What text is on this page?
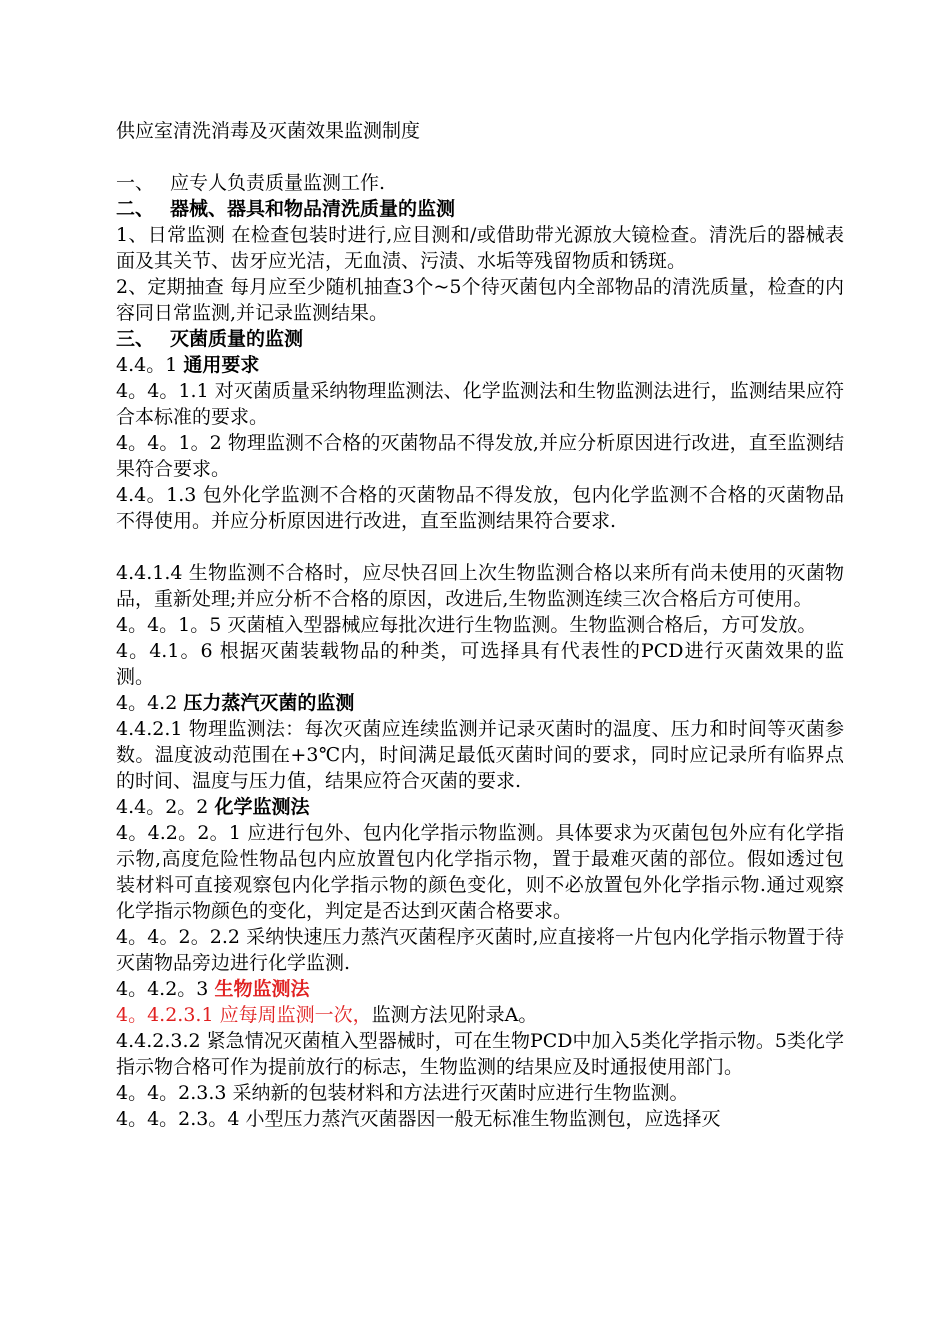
供应室清洗消毒及灭菌效果监测制度

一、 应专人负责质量监测工作.

二、 器械、器具和物品清洗质量的监测

1、日常监测 在检查包装时进行,应目测和/或借助带光源放大镜检查。清洗后的器械表面及其关节、齿牙应光洁，无血渍、污渍、水垢等残留物质和锈斑。

2、定期抽查 每月应至少随机抽查3个~5个待灭菌包内全部物品的清洗质量，检查的内容同日常监测,并记录监测结果。

三、 灭菌质量的监测

4.4。1 通用要求

4。4。1.1 对灭菌质量采纳物理监测法、化学监测法和生物监测法进行，监测结果应符合本标准的要求。

4。4。1。2 物理监测不合格的灭菌物品不得发放,并应分析原因进行改进，直至监测结果符合要求。

4.4。1.3 包外化学监测不合格的灭菌物品不得发放，包内化学监测不合格的灭菌物品不得使用。并应分析原因进行改进，直至监测结果符合要求.

4.4.1.4 生物监测不合格时，应尽快召回上次生物监测合格以来所有尚未使用的灭菌物品，重新处理;并应分析不合格的原因，改进后,生物监测连续三次合格后方可使用。

4。4。1。5 灭菌植入型器械应每批次进行生物监测。生物监测合格后，方可发放。

4。4.1。6 根据灭菌装载物品的种类，可选择具有代表性的PCD进行灭菌效果的监测。

4。4.2 压力蒸汽灭菌的监测

4.4.2.1 物理监测法：每次灭菌应连续监测并记录灭菌时的温度、压力和时间等灭菌参数。温度波动范围在+3℃内，时间满足最低灭菌时间的要求，同时应记录所有临界点的时间、温度与压力值，结果应符合灭菌的要求.

4.4。2。2 化学监测法

4。4.2。2。1 应进行包外、包内化学指示物监测。具体要求为灭菌包包外应有化学指示物,高度危险性物品包内应放置包内化学指示物，置于最难灭菌的部位。假如透过包装材料可直接观察包内化学指示物的颜色变化，则不必放置包外化学指示物.通过观察化学指示物颜色的变化，判定是否达到灭菌合格要求。

4。4。2。2.2 采纳快速压力蒸汽灭菌程序灭菌时,应直接将一片包内化学指示物置于待灭菌物品旁边进行化学监测.

4。4.2。3 生物监测法

4。4.2.3.1 应每周监测一次，监测方法见附录A。

4.4.2.3.2 紧急情况灭菌植入型器械时，可在生物PCD中加入5类化学指示物。5类化学指示物合格可作为提前放行的标志，生物监测的结果应及时通报使用部门。

4。4。2.3.3 采纳新的包装材料和方法进行灭菌时应进行生物监测。

4。4。2.3。4 小型压力蒸汽灭菌器因一般无标准生物监测包，应选择灭
